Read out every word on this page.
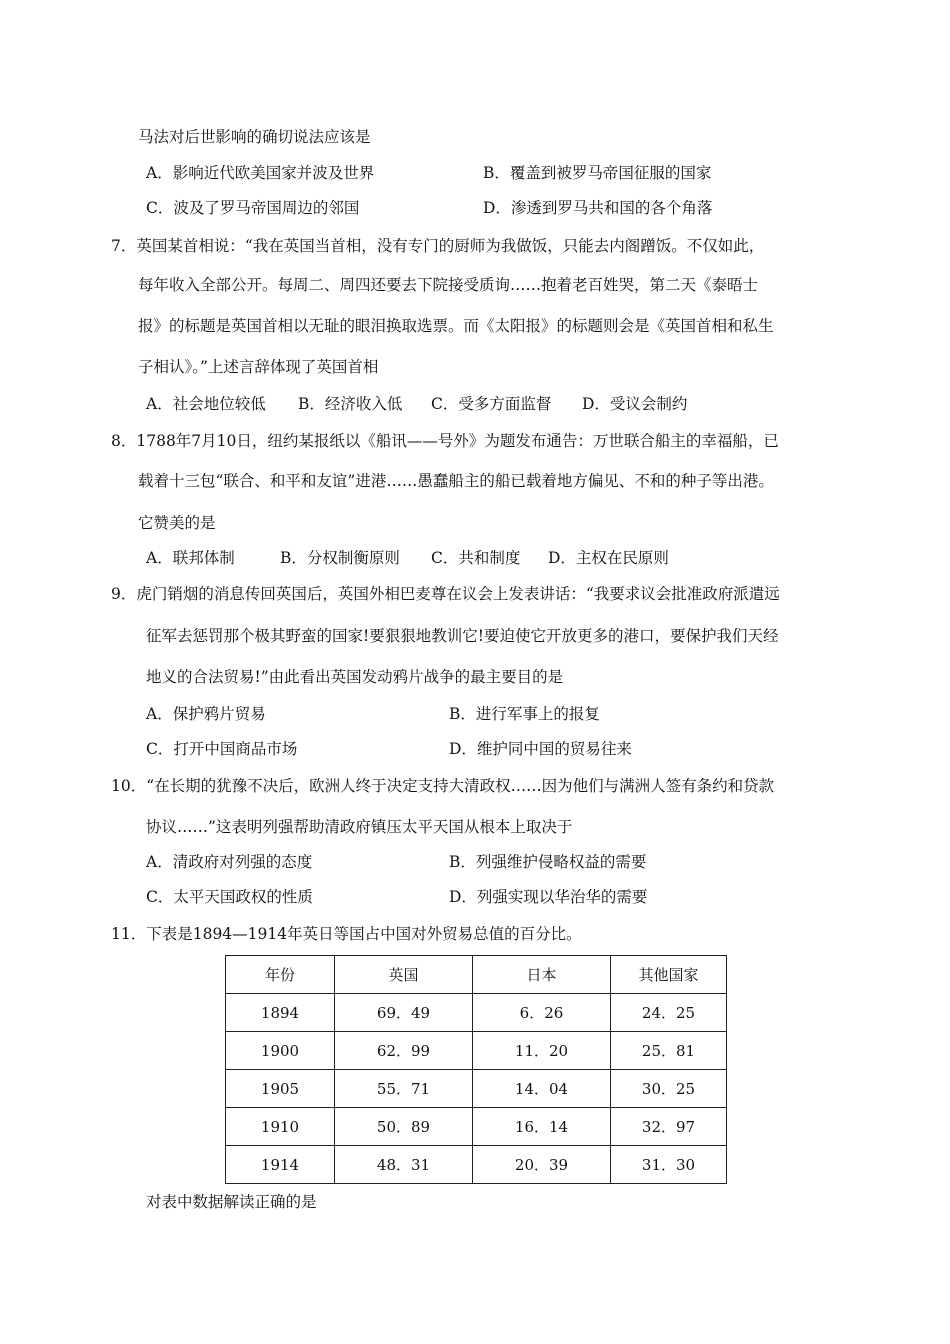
马法对后世影响的确切说法应该是
A．影响近代欧美国家并波及世界	B．覆盖到被罗马帝国征服的国家
C．波及了罗马帝国周边的邻国	D．渗透到罗马共和国的各个角落
7．英国某首相说：“我在英国当首相，没有专门的厨师为我做饭，只能去内阁蹭饭。不仅如此，
每年收入全部公开。每周二、周四还要去下院接受质询……抱着老百姓哭，第二天《泰晤士
报》的标题是英国首相以无耻的眼泪换取选票。而《太阳报》的标题则会是《英国首相和私生
子相认》。”上述言辞体现了英国首相
A．社会地位较低 B．经济收入低 C．受多方面监督 D．受议会制约
8．1788年7月10日，纽约某报纸以《船讯——号外》为题发布通告：万世联合船主的幸福船，已
载着十三包“联合、和平和友谊”进港……愚蠢船主的船已载着地方偏见、不和的种子等出港。
它赞美的是
A．联邦体制	B．分权制衡原则 C．共和制度 D．主权在民原则
9．虎门销烟的消息传回英国后，英国外相巴麦尊在议会上发表讲话：“我要求议会批准政府派遣远
征军去惩罚那个极其野蛮的国家!要狠狠地教训它!要迫使它开放更多的港口，要保护我们天经
地义的合法贸易!”由此看出英国发动鸦片战争的最主要目的是
A．保护鸦片贸易	B．进行军事上的报复
C．打开中国商品市场	D．维护同中国的贸易往来
10．“在长期的犹豫不决后，欧洲人终于决定支持大清政权……因为他们与满洲人签有条约和贷款
协议……”这表明列强帮助清政府镇压太平天国从根本上取决于
A．清政府对列强的态度	B．列强维护侵略权益的需要
C．太平天国政权的性质	D．列强实现以华治华的需要
11．下表是1894—1914年英日等国占中国对外贸易总值的百分比。
年份	英国	日本	其他国家
1894	69．49	6．26	24．25
1900	62．99	11．20	25．81
1905	55．71	14．04	30．25
1910	50．89	16．14	32．97
1914	48．31	20．39	31．30
对表中数据解读正确的是
